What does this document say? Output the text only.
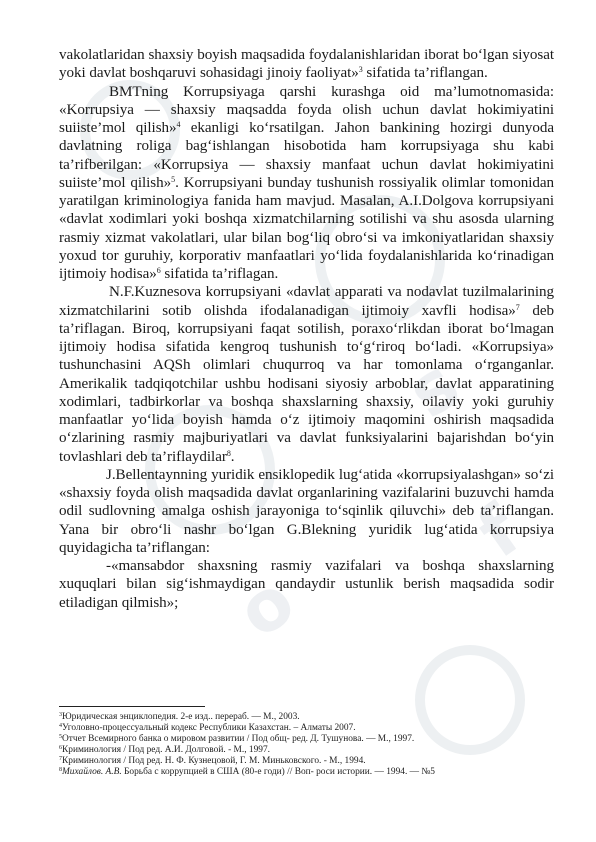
s
o
f

vakolatlaridan shaxsiy boyish maqsadida foydalanishlaridan iborat bo‘lgan siyosat yoki davlat boshqaruvi sohasidagi jinoiy faoliyat»$^3$ sifatida ta’riflangan.

BMTning Korrupsiyaga qarshi kurashga oid ma’lumotnomasida: «Korrupsiya — shaxsiy maqsadda foyda olish uchun davlat hokimiyatini suiiste’mol qilish»$^4$ ekanligi ko‘rsatilgan. Jahon bankining hozirgi dunyoda davlatning roliga bag‘ishlangan hisobotida ham korrupsiyaga shu kabi ta’rifberilgan: «Korrupsiya — shaxsiy manfaat uchun davlat hokimiyatini suiiste’mol qilish»$^5$. Korrupsiyani bunday tushunish rossiyalik olimlar tomonidan yaratilgan kriminologiya fanida ham mavjud. Masalan, A.I.Dolgova korrupsiyani «davlat xodimlari yoki boshqa xizmatchilarning sotilishi va shu asosda ularning rasmiy xizmat vakolatlari, ular bilan bog‘liq obro‘si va imkoniyatlaridan shaxsiy yoxud tor guruhiy, korporativ manfaatlari yo‘lida foydalanishlarida ko‘rinadigan ijtimoiy hodisa»$^6$ sifatida ta’riflagan.

N.F.Kuznesova korrupsiyani «davlat apparati va nodavlat tuzilmalarining xizmatchilarini sotib olishda ifodalanadigan ijtimoiy xavfli hodisa»$^7$ deb ta’riflagan. Biroq, korrupsiyani faqat sotilish, poraxo‘rlikdan iborat bo‘lmagan ijtimoiy hodisa sifatida kengroq tushunish to‘g‘riroq bo‘ladi. «Korrupsiya» tushunchasini AQSh olimlari chuqurroq va har tomonlama o‘rganganlar. Amerikalik tadqiqotchilar ushbu hodisani siyosiy arboblar, davlat apparatining xodimlari, tadbirkorlar va boshqa shaxslarning shaxsiy, oilaviy yoki guruhiy manfaatlar yo‘lida boyish hamda o‘z ijtimoiy maqomini oshirish maqsadida o‘zlarining rasmiy majburiyatlari va davlat funksiyalarini bajarishdan bo‘yin tovlashlari deb ta’riflaydilar$^8$.

J.Bellentaynning yuridik ensiklopedik lug‘atida «korrupsiyalashgan» so‘zi «shaxsiy foyda olish maqsadida davlat organlarining vazifalarini buzuvchi hamda odil sudlovning amalga oshish jarayoniga to‘sqinlik qiluvchi» deb ta’riflangan. Yana bir obro‘li nashr bo‘lgan G.Blekning yuridik lug‘atida korrupsiya quyidagicha ta’riflangan:

-«mansabdor shaxsning rasmiy vazifalari va boshqa shaxslarning xuquqlari bilan sig‘ishmaydigan qandaydir ustunlik berish maqsadida sodir etiladigan qilmish»;

$^3$Юридическая энциклопедия. 2-е изд.. перераб. — М., 2003.
$^4$Уголовно-процессуальный кодекс Республики Казахстан. – Алматы 2007.
$^5$Отчет Всемирного банка о мировом развитии / Под общ- ред. Д. Тушунова. — М., 1997.
$^6$Криминология / Под ред. А.И. Долговой. - М., 1997.
$^7$Криминология / Под ред. Н. Ф. Кузнецовой, Г. М. Миньковского. - М., 1994.
$^8$Михайлов. А.В. Борьба с коррупцией в США (80-е годи) // Воп- роси истории. — 1994. — №5
